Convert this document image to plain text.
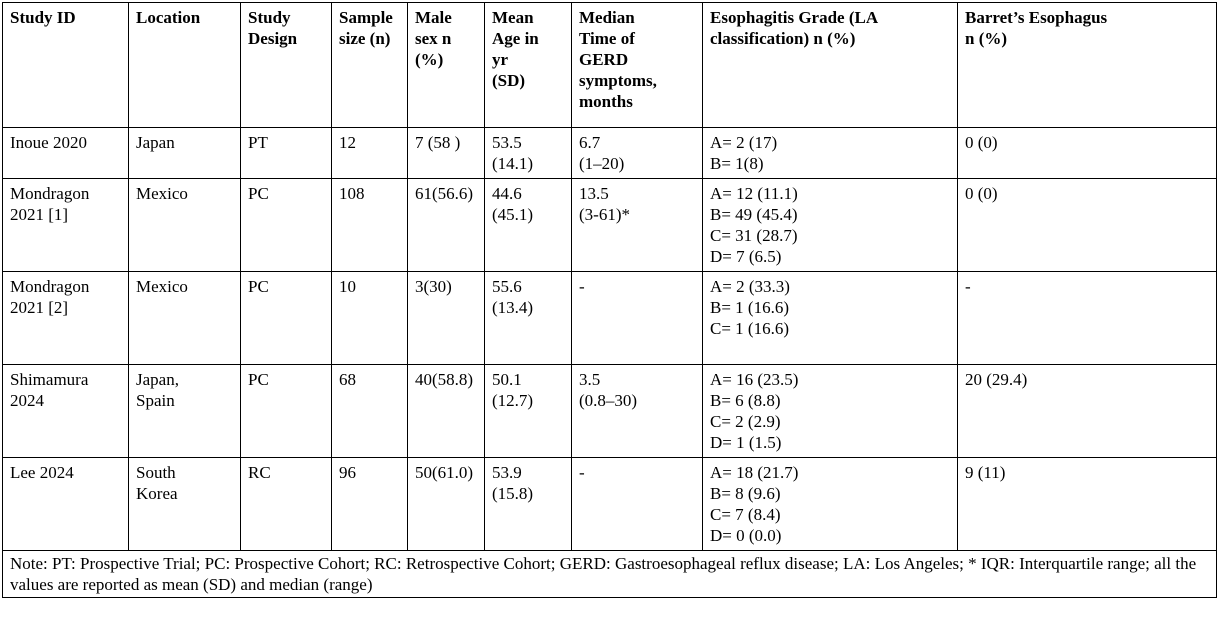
Study ID	Location	Study
Design	Sample
size (n)	Male
sex n
(%)	Mean
Age in
yr
(SD)	Median
Time of
GERD
symptoms,
months	Esophagitis Grade (LA
classification) n (%)	Barret’s Esophagus
n (%)

Inoue 2020	Japan	PT	12	7 (58 )	53.5
(14.1)	6.7
(1–20)	A= 2 (17)
B= 1(8)	0 (0)

Mondragon
2021 [1]	Mexico	PC	108	61(56.6)	44.6
(45.1)	13.5
(3-61)*	A= 12 (11.1)
B= 49 (45.4)
C= 31 (28.7)
D= 7 (6.5)	0 (0)

Mondragon
2021 [2]	Mexico	PC	10	3(30)	55.6
(13.4)	-	A= 2 (33.3)
B= 1 (16.6)
C= 1 (16.6)	-

Shimamura
2024	Japan,
Spain	PC	68	40(58.8)	50.1
(12.7)	3.5
(0.8–30)	A= 16 (23.5)
B= 6 (8.8)
C= 2 (2.9)
D= 1 (1.5)	20 (29.4)

Lee 2024	South
Korea	RC	96	50(61.0)	53.9
(15.8)	-	A= 18 (21.7)
B= 8 (9.6)
C= 7 (8.4)
D= 0 (0.0)	9 (11)

Note: PT: Prospective Trial; PC: Prospective Cohort; RC: Retrospective Cohort; GERD: Gastroesophageal reflux disease; LA: Los Angeles; * IQR: Interquartile range; all the values are reported as mean (SD) and median (range)								
